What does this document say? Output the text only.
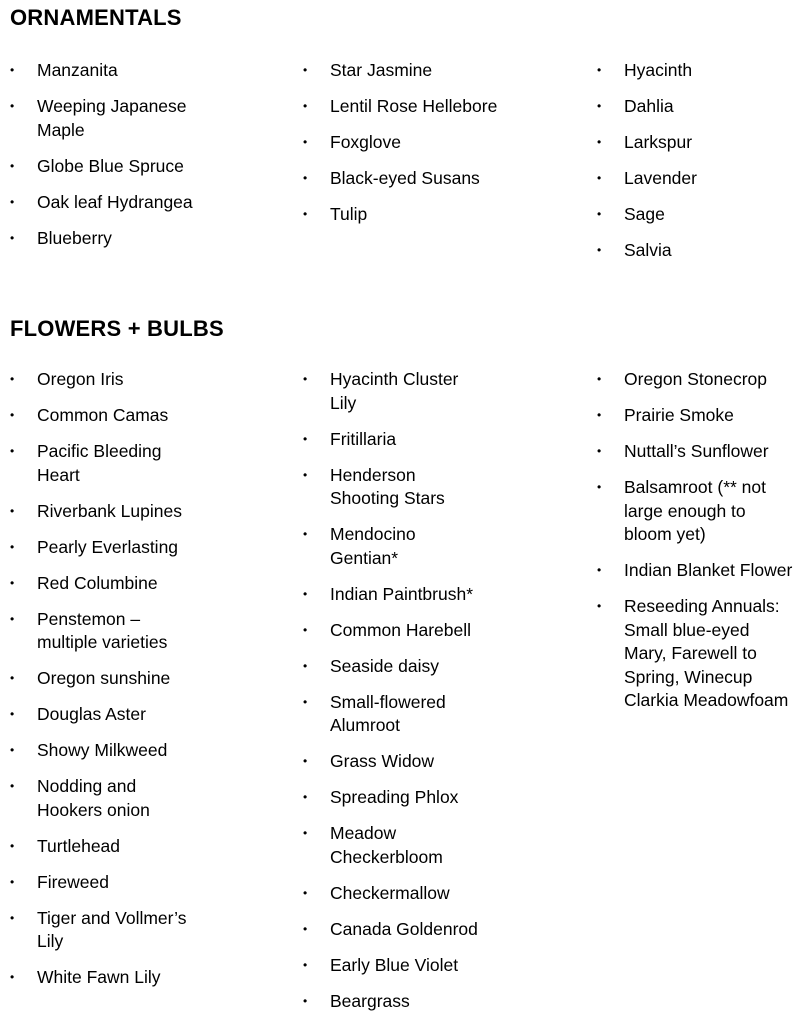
ORNAMENTALS
•	Manzanita
•	Weeping Japanese Maple
•	Globe Blue Spruce
•	Oak leaf Hydrangea
•	Blueberry
•	Star Jasmine
•	Lentil Rose Hellebore
•	Foxglove
•	Black-eyed Susans
•	Tulip
•	Hyacinth
•	Dahlia
•	Larkspur
•	Lavender
•	Sage
•	Salvia
FLOWERS + BULBS
•	Oregon Iris
•	Common Camas
•	Pacific Bleeding Heart
•	Riverbank Lupines
•	Pearly Everlasting
•	Red Columbine
•	Penstemon – multiple varieties
•	Oregon sunshine
•	Douglas Aster
•	Showy Milkweed
•	Nodding and Hookers onion
•	Turtlehead
•	Fireweed
•	Tiger and Vollmer’s Lily
•	White Fawn Lily
•	Hyacinth Cluster Lily
•	Fritillaria
•	Henderson Shooting Stars
•	Mendocino Gentian*
•	Indian Paintbrush*
•	Common Harebell
•	Seaside daisy
•	Small-flowered Alumroot
•	Grass Widow
•	Spreading Phlox
•	Meadow Checkerbloom
•	Checkermallow
•	Canada Goldenrod
•	Early Blue Violet
•	Beargrass
•	Oregon Stonecrop
•	Prairie Smoke
•	Nuttall’s Sunflower
•	Balsamroot (** not large enough to bloom yet)
•	Indian Blanket Flower
•	Reseeding Annuals: Small blue-eyed Mary, Farewell to Spring, Winecup Clarkia Meadowfoam
